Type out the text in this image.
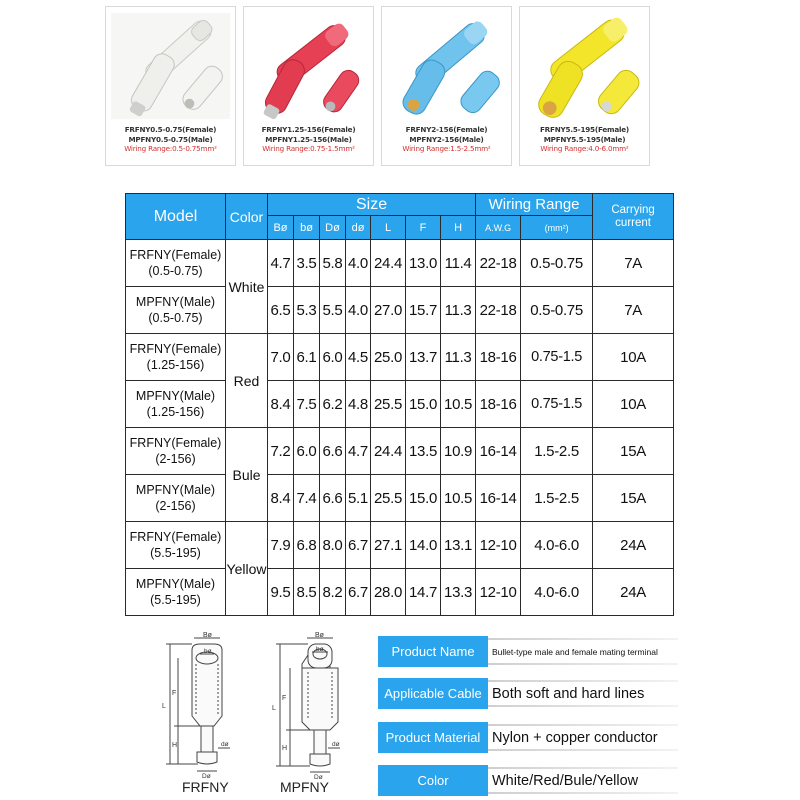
FRFNY0.5-0.75(Female)
MPFNY0.5-0.75(Male)
Wiring Range:0.5-0.75mm²
FRFNY1.25-156(Female)
MPFNY1.25-156(Male)
Wiring Range:0.75-1.5mm²
FRFNY2-156(Female)
MPFNY2-156(Male)
Wiring Range:1.5-2.5mm²
FRFNY5.5-195(Female)
MPFNY5.5-195(Male)
Wiring Range:4.0-6.0mm²
Model	Color	Size							Wiring Range		Carrying
current

		Bø	bø	Dø	dø	L	F	H	A.W.G	(mm²)	

FRFNY(Female)
(0.5-0.75)	White	4.7	3.5	5.8	4.0	24.4	13.0	11.4	22-18	0.5-0.75	7A

MPFNY(Male)
(0.5-0.75)		6.5	5.3	5.5	4.0	27.0	15.7	11.3	22-18	0.5-0.75	7A

FRFNY(Female)
(1.25-156)	Red	7.0	6.1	6.0	4.5	25.0	13.7	11.3	18-16	0.75-1.5	10A

MPFNY(Male)
(1.25-156)		8.4	7.5	6.2	4.8	25.5	15.0	10.5	18-16	0.75-1.5	10A

FRFNY(Female)
(2-156)	Bule	7.2	6.0	6.6	4.7	24.4	13.5	10.9	16-14	1.5-2.5	15A

MPFNY(Male)
(2-156)		8.4	7.4	6.6	5.1	25.5	15.0	10.5	16-14	1.5-2.5	15A

FRFNY(Female)
(5.5-195)	Yellow	7.9	6.8	8.0	6.7	27.1	14.0	13.1	12-10	4.0-6.0	24A

MPFNY(Male)
(5.5-195)		9.5	8.5	8.2	6.7	28.0	14.7	13.3	12-10	4.0-6.0	24A
Bø
bø
L
F
H
Dø
dø
FRFNY
Bø
bø
L
F
H
Dø
dø
MPFNY
Product Name	Bullet-type male and female mating terminal
Applicable Cable Both soft and hard lines
Product Material Nylon + copper conductor
Color	White/Red/Bule/Yellow
